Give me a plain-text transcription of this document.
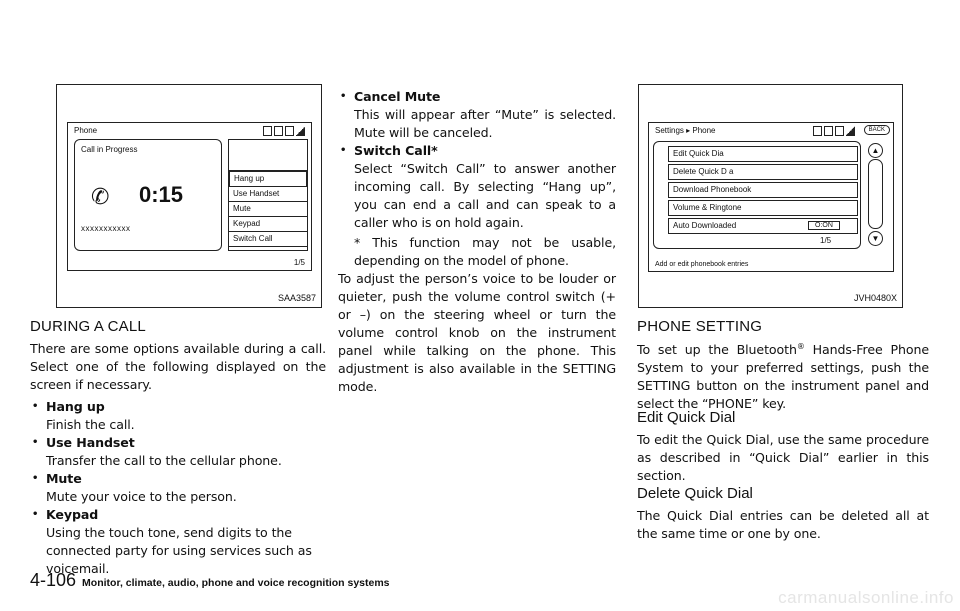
Phone
Call in Progress
✆ 0:15
xxxxxxxxxxx
Hang up
Use Handset
Mute
Keypad
Switch Call
1/5
SAA3587
Settings ▸ Phone	BACK
Edit Quick Dia
Delete Quick D a
Download Phonebook
Volume & Ringtone
Auto Downloaded	O:ON
1/5
▲
▼
Add or edit phonebook entries
JVH0480X
DURING A CALL

There are some options available during a call. Select one of the following displayed on the screen if necessary.

• Hang up
Finish the call.
• Use Handset
Transfer the call to the cellular phone.
• Mute
Mute your voice to the person.
• Keypad
Using the touch tone, send digits to the connected party for using services such as voicemail.
• Cancel Mute
This will appear after “Mute” is selected. Mute will be canceled.
• Switch Call*
Select “Switch Call” to answer another incoming call. By selecting “Hang up”, you can end a call and can speak to a caller who is on hold again.
* This function may not be usable, depending on the model of phone.

To adjust the person’s voice to be louder or quieter, push the volume control switch (+ or –) on the steering wheel or turn the volume control knob on the instrument panel while talking on the phone. This adjustment is also available in the SETTING mode.

PHONE SETTING
To set up the Bluetooth® Hands-Free Phone System to your preferred settings, push the SETTING button on the instrument panel and select the “PHONE” key.
Edit Quick Dial

To edit the Quick Dial, use the same procedure as described in “Quick Dial” earlier in this section.

Delete Quick Dial

The Quick Dial entries can be deleted all at the same time or one by one.

4-106 Monitor, climate, audio, phone and voice recognition systems
carmanualsonline.info
